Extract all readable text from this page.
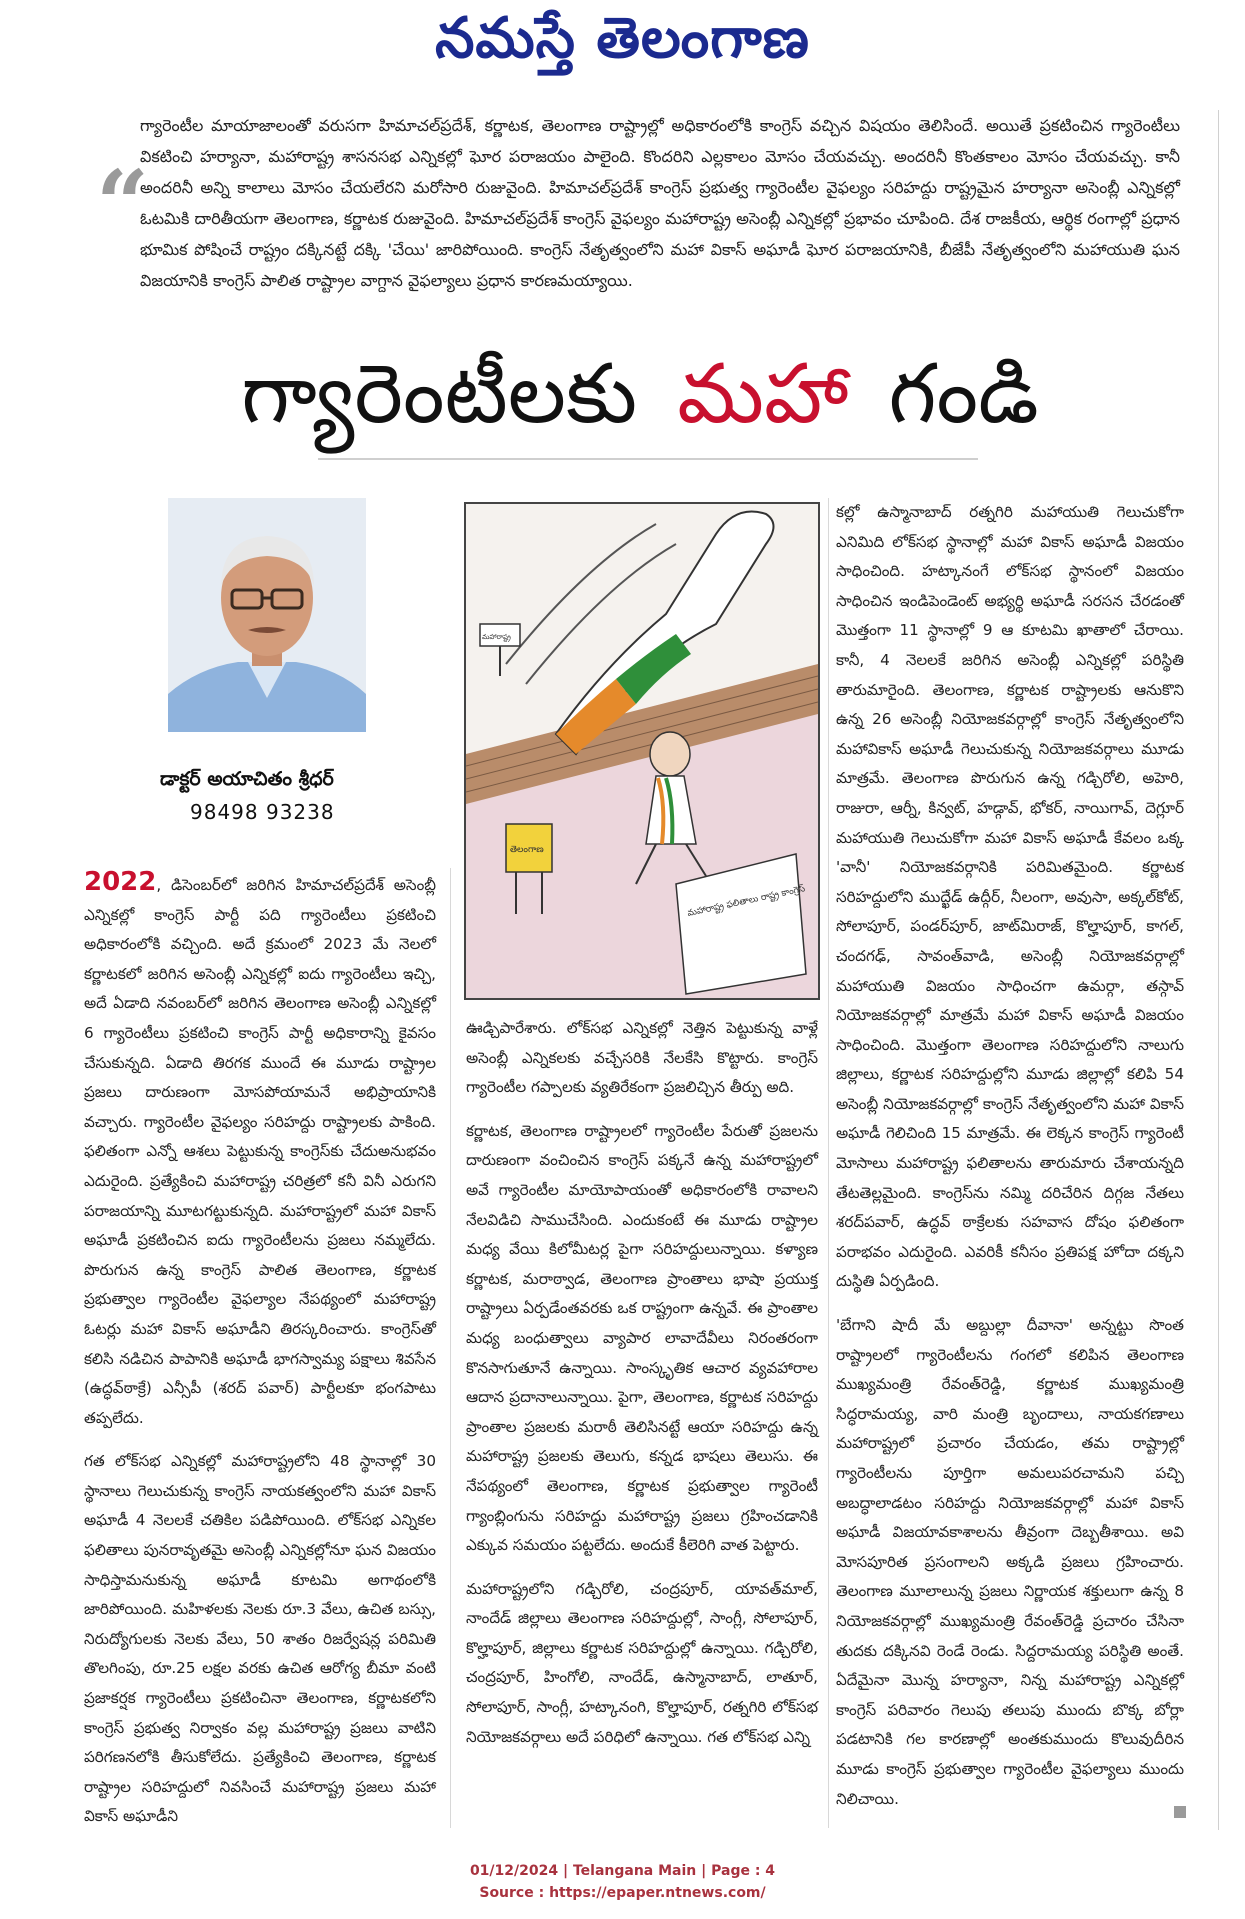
నమస్తే తెలంగాణ
“
గ్యారెంటీల మాయాజాలంతో వరుసగా హిమాచల్‌ప్రదేశ్, కర్ణాటక, తెలంగాణ రాష్ట్రాల్లో అధికారంలోకి కాంగ్రెస్ వచ్చిన విషయం తెలిసిందే. అయితే ప్రకటించిన గ్యారెంటీలు వికటించి హర్యానా, మహారాష్ట్ర శాసనసభ ఎన్నికల్లో ఘోర పరాజయం పాలైంది. కొందరిని ఎల్లకాలం మోసం చేయవచ్చు. అందరినీ కొంతకాలం మోసం చేయవచ్చు. కానీ అందరినీ అన్ని కాలాలు మోసం చేయలేరని మరోసారి రుజువైంది. హిమాచల్‌ప్రదేశ్ కాంగ్రెస్ ప్రభుత్వ గ్యారెంటీల వైఫల్యం సరిహద్దు రాష్ట్రమైన హర్యానా అసెంబ్లీ ఎన్నికల్లో ఓటమికి దారితీయగా తెలంగాణ, కర్ణాటక రుజువైంది. హిమాచల్‌ప్రదేశ్ కాంగ్రెస్ వైఫల్యం మహారాష్ట్ర అసెంబ్లీ ఎన్నికల్లో ప్రభావం చూపింది. దేశ రాజకీయ, ఆర్థిక రంగాల్లో ప్రధాన భూమిక పోషించే రాష్ట్రం దక్కినట్టే దక్కి 'చేయి' జారిపోయింది. కాంగ్రెస్ నేతృత్వంలోని మహా వికాస్ అఘాడీ ఘోర పరాజయానికి, బీజేపీ నేతృత్వంలోని మహాయుతి ఘన విజయానికి కాంగ్రెస్ పాలిత రాష్ట్రాల వాగ్దాన వైఫల్యాలు ప్రధాన కారణమయ్యాయి.
గ్యారెంటీలకు మహా గండి
డాక్టర్ అయాచితం శ్రీధర్
98498 93238
మహారాష్ట్ర
తెలంగాణ
మహారాష్ట్ర ఫలితాలు రాష్ట్ర కాంగ్రెస్

2022, డిసెంబర్‌లో జరిగిన హిమాచల్‌ప్రదేశ్ అసెంబ్లీ ఎన్నికల్లో కాంగ్రెస్ పార్టీ పది గ్యారెంటీలు ప్రకటించి అధికారంలోకి వచ్చింది. అదే క్రమంలో 2023 మే నెలలో కర్ణాటకలో జరిగిన అసెంబ్లీ ఎన్నికల్లో ఐదు గ్యారెంటీలు ఇచ్చి, అదే ఏడాది నవంబర్‌లో జరిగిన తెలంగాణ అసెంబ్లీ ఎన్నికల్లో 6 గ్యారెంటీలు ప్రకటించి కాంగ్రెస్ పార్టీ అధికారాన్ని కైవసం చేసుకున్నది. ఏడాది తిరగక ముందే ఈ మూడు రాష్ట్రాల ప్రజలు దారుణంగా మోసపోయామనే అభిప్రాయానికి వచ్చారు. గ్యారెంటీల వైఫల్యం సరిహద్దు రాష్ట్రాలకు పాకింది. ఫలితంగా ఎన్నో ఆశలు పెట్టుకున్న కాంగ్రెస్‌కు చేదుఅనుభవం ఎదురైంది. ప్రత్యేకించి మహారాష్ట్ర చరిత్రలో కనీ వినీ ఎరుగని పరాజయాన్ని మూటగట్టుకున్నది. మహారాష్ట్రలో మహా వికాస్ అఘాడీ ప్రకటించిన ఐదు గ్యారెంటీలను ప్రజలు నమ్మలేదు. పొరుగున ఉన్న కాంగ్రెస్ పాలిత తెలంగాణ, కర్ణాటక ప్రభుత్వాల గ్యారెంటీల వైఫల్యాల నేపథ్యంలో మహారాష్ట్ర ఓటర్లు మహా వికాస్ అఘాడీని తిరస్కరించారు. కాంగ్రెస్‌తో కలిసి నడిచిన పాపానికి అఘాడీ భాగస్వామ్య పక్షాలు శివసేన (ఉద్ధవ్‌ఠాక్రే) ఎన్సీపీ (శరద్ పవార్) పార్టీలకూ భంగపాటు తప్పలేదు.

గత లోక్‌సభ ఎన్నికల్లో మహారాష్ట్రలోని 48 స్థానాల్లో 30 స్థానాలు గెలుచుకున్న కాంగ్రెస్ నాయకత్వంలోని మహా వికాస్ అఘాడీ 4 నెలలకే చతికిల పడిపోయింది. లోక్‌సభ ఎన్నికల ఫలితాలు పునరావృతమై అసెంబ్లీ ఎన్నికల్లోనూ ఘన విజయం సాధిస్తామనుకున్న అఘాడీ కూటమి అగాథంలోకి జారిపోయింది. మహిళలకు నెలకు రూ.3 వేలు, ఉచిత బస్సు, నిరుద్యోగులకు నెలకు వేలు, 50 శాతం రిజర్వేషన్ల పరిమితి తొలగింపు, రూ.25 లక్షల వరకు ఉచిత ఆరోగ్య బీమా వంటి ప్రజాకర్షక గ్యారెంటీలు ప్రకటించినా తెలంగాణ, కర్ణాటకలోని కాంగ్రెస్ ప్రభుత్వ నిర్వాకం వల్ల మహారాష్ట్ర ప్రజలు వాటిని పరిగణనలోకి తీసుకోలేదు. ప్రత్యేకించి తెలంగాణ, కర్ణాటక రాష్ట్రాల సరిహద్దులో నివసించే మహారాష్ట్ర ప్రజలు మహా వికాస్ అఘాడీని

ఊడ్చిపారేశారు. లోక్‌సభ ఎన్నికల్లో నెత్తిన పెట్టుకున్న వాళ్లే అసెంబ్లీ ఎన్నికలకు వచ్చేసరికి నేలకేసి కొట్టారు. కాంగ్రెస్ గ్యారెంటీల గప్పాలకు వ్యతిరేకంగా ప్రజలిచ్చిన తీర్పు అది.

కర్ణాటక, తెలంగాణ రాష్ట్రాలలో గ్యారెంటీల పేరుతో ప్రజలను దారుణంగా వంచించిన కాంగ్రెస్ పక్కనే ఉన్న మహారాష్ట్రలో అవే గ్యారెంటీల మాయోపాయంతో అధికారంలోకి రావాలని నేలవిడిచి సాముచేసింది. ఎందుకంటే ఈ మూడు రాష్ట్రాల మధ్య వేయి కిలోమీటర్ల పైగా సరిహద్దులున్నాయి. కళ్యాణ కర్ణాటక, మరాఠ్వాడ, తెలంగాణ ప్రాంతాలు భాషా ప్రయుక్త రాష్ట్రాలు ఏర్పడేంతవరకు ఒక రాష్ట్రంగా ఉన్నవే. ఈ ప్రాంతాల మధ్య బంధుత్వాలు వ్యాపార లావాదేవీలు నిరంతరంగా కొనసాగుతూనే ఉన్నాయి. సాంస్కృతిక ఆచార వ్యవహారాల ఆదాన ప్రదానాలున్నాయి. పైగా, తెలంగాణ, కర్ణాటక సరిహద్దు ప్రాంతాల ప్రజలకు మరాఠీ తెలిసినట్టే ఆయా సరిహద్దు ఉన్న మహారాష్ట్ర ప్రజలకు తెలుగు, కన్నడ భాషలు తెలుసు. ఈ నేపథ్యంలో తెలంగాణ, కర్ణాటక ప్రభుత్వాల గ్యారెంటీ గ్యాంబ్లింగును సరిహద్దు మహారాష్ట్ర ప్రజలు గ్రహించడానికి ఎక్కువ సమయం పట్టలేదు. అందుకే కీలెరిగి వాత పెట్టారు.

మహారాష్ట్రలోని గడ్చిరోలి, చంద్రపూర్, యావత్‌మాల్, నాందేడ్ జిల్లాలు తెలంగాణ సరిహద్దుల్లో, సాంగ్లీ, సోలాపూర్, కొల్హాపూర్, జిల్లాలు కర్ణాటక సరిహద్దుల్లో ఉన్నాయి. గడ్చిరోలి, చంద్రపూర్, హింగోలి, నాందేడ్, ఉస్మానాబాద్, లాతూర్, సోలాపూర్, సాంగ్లీ, హట్కానంగి, కొల్హాపూర్, రత్నగిరి లోక్‌సభ నియోజకవర్గాలు అదే పరిధిలో ఉన్నాయి. గత లోక్‌సభ ఎన్ని

కల్లో ఉస్మానాబాద్ రత్నగిరి మహాయుతి గెలుచుకోగా ఎనిమిది లోక్‌సభ స్థానాల్లో మహా వికాస్ అఘాడీ విజయం సాధించింది. హట్కానంగే లోక్‌సభ స్థానంలో విజయం సాధించిన ఇండిపెండెంట్ అభ్యర్థి అఘాడీ సరసన చేరడంతో మొత్తంగా 11 స్థానాల్లో 9 ఆ కూటమి ఖాతాలో చేరాయి. కానీ, 4 నెలలకే జరిగిన అసెంబ్లీ ఎన్నికల్లో పరిస్థితి తారుమారైంది. తెలంగాణ, కర్ణాటక రాష్ట్రాలకు ఆనుకొని ఉన్న 26 అసెంబ్లీ నియోజకవర్గాల్లో కాంగ్రెస్ నేతృత్వంలోని మహావికాస్ అఘాడీ గెలుచుకున్న నియోజకవర్గాలు మూడు మాత్రమే. తెలంగాణ పొరుగున ఉన్న గడ్చిరోలి, అహెరి, రాజురా, ఆర్నీ, కిన్వట్, హడ్గావ్, భోకర్, నాయిగావ్, దెగ్లూర్ మహాయుతి గెలుచుకోగా మహా వికాస్ అఘాడీ కేవలం ఒక్క 'వానీ' నియోజకవర్గానికి పరిమితమైంది. కర్ణాటక సరిహద్దులోని ముద్ఖేడ్ ఉద్గీర్, నీలంగా, అవుసా, అక్కల్‌కోట్, సోలాపూర్, పండర్‌పూర్, జాట్‌మిరాజ్, కొల్హాపూర్, కాగల్, చందగఢ్, సావంత్‌వాడి, అసెంబ్లీ నియోజకవర్గాల్లో మహాయుతి విజయం సాధించగా ఉమర్గా, తస్గావ్ నియోజకవర్గాల్లో మాత్రమే మహా వికాస్ అఘాడీ విజయం సాధించింది. మొత్తంగా తెలంగాణ సరిహద్దులోని నాలుగు జిల్లాలు, కర్ణాటక సరిహద్దుల్లోని మూడు జిల్లాల్లో కలిపి 54 అసెంబ్లీ నియోజకవర్గాల్లో కాంగ్రెస్ నేతృత్వంలోని మహా వికాస్ అఘాడీ గెలిచింది 15 మాత్రమే. ఈ లెక్కన కాంగ్రెస్ గ్యారెంటీ మోసాలు మహారాష్ట్ర ఫలితాలను తారుమారు చేశాయన్నది తేటతెల్లమైంది. కాంగ్రెస్‌ను నమ్మి దరిచేరిన దిగ్గజ నేతలు శరద్‌పవార్, ఉద్ధవ్ ఠాక్రేలకు సహవాస దోషం ఫలితంగా పరాభవం ఎదురైంది. ఎవరికీ కనీసం ప్రతిపక్ష హోదా దక్కని దుస్థితి ఏర్పడింది.

'బేగాని షాదీ మే అబ్దుల్లా దీవానా' అన్నట్టు సొంత రాష్ట్రాలలో గ్యారెంటీలను గంగలో కలిపిన తెలంగాణ ముఖ్యమంత్రి రేవంత్‌రెడ్డి, కర్ణాటక ముఖ్యమంత్రి సిద్ధరామయ్య, వారి మంత్రి బృందాలు, నాయకగణాలు మహారాష్ట్రలో ప్రచారం చేయడం, తమ రాష్ట్రాల్లో గ్యారెంటీలను పూర్తిగా అమలుపరచామని పచ్చి అబద్ధాలాడటం సరిహద్దు నియోజకవర్గాల్లో మహా వికాస్ అఘాడీ విజయావకాశాలను తీవ్రంగా దెబ్బతీశాయి. అవి మోసపూరిత ప్రసంగాలని అక్కడి ప్రజలు గ్రహించారు. తెలంగాణ మూలాలున్న ప్రజలు నిర్ణాయక శక్తులుగా ఉన్న 8 నియోజకవర్గాల్లో ముఖ్యమంత్రి రేవంత్‌రెడ్డి ప్రచారం చేసినా తుదకు దక్కినవి రెండే రెండు. సిద్దరామయ్య పరిస్థితి అంతే. ఏదేమైనా మొన్న హర్యానా, నిన్న మహారాష్ట్ర ఎన్నికల్లో కాంగ్రెస్ పరివారం గెలుపు తలుపు ముందు బొక్క బోర్లా పడటానికి గల కారణాల్లో అంతకుముందు కొలువుదీరిన మూడు కాంగ్రెస్ ప్రభుత్వాల గ్యారెంటీల వైఫల్యాలు ముందు నిలిచాయి.

01/12/2024 | Telangana Main | Page : 4
Source : https://epaper.ntnews.com/
